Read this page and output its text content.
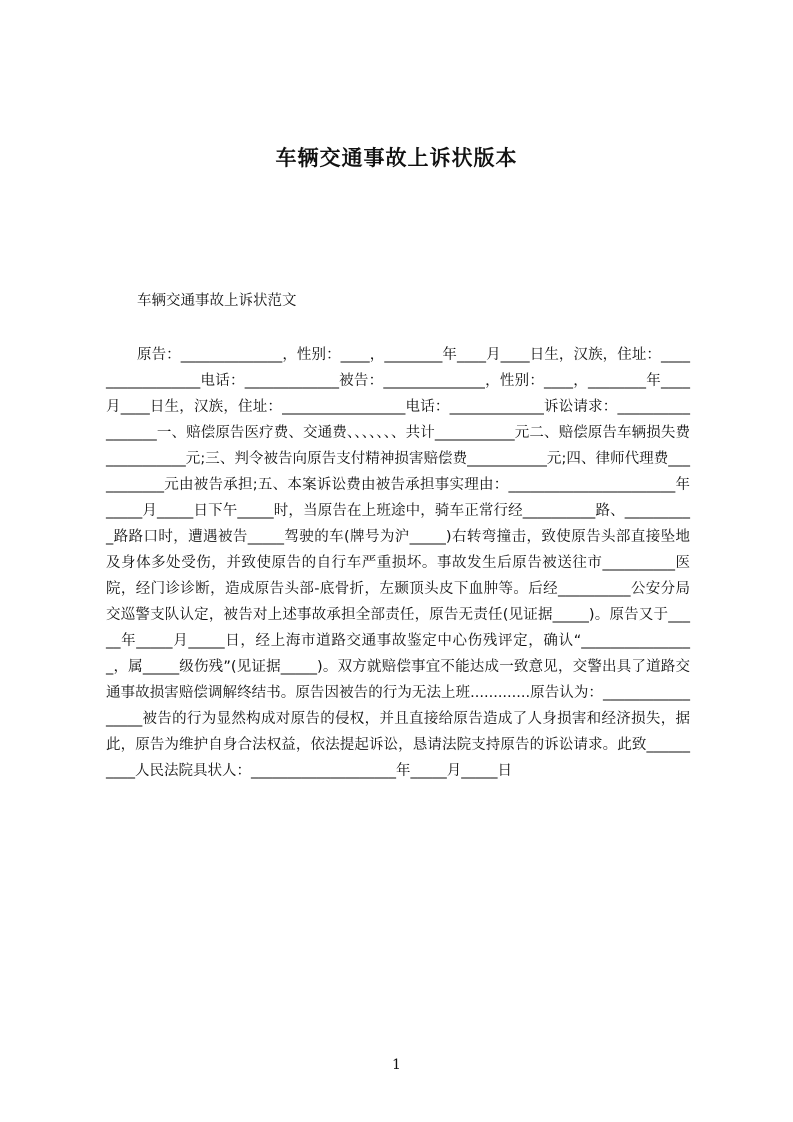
车辆交通事故上诉状版本

车辆交通事故上诉状范文

原告：______________，性别：____，________年____月____日生，汉族，住址：_________________电话：_____________被告：______________，性别：____，________年____月____日生，汉族，住址：_________________电话：_____________诉讼请求：_________________一、赔偿原告医疗费、交通费、、、、、、、共计___________元二、赔偿原告车辆损失费___________元;三、判令被告向原告支付精神损害赔偿费___________元;四、律师代理费___________元由被告承担;五、本案诉讼费由被告承担事实理由：_______________________年_____月_____日下午_____时，当原告在上班途中，骑车正常行经__________路、__________路路口时，遭遇被告_____驾驶的车(牌号为沪_____)右转弯撞击，致使原告头部直接坠地及身体多处受伤，并致使原告的自行车严重损坏。事故发生后原告被送往市__________医院，经门诊诊断，造成原告头部-底骨折，左颞顶头皮下血肿等。后经__________公安分局交巡警支队认定，被告对上述事故承担全部责任，原告无责任(见证据_____)。原告又于_____年_____月_____日，经上海市道路交通事故鉴定中心伤残评定，确认“________________，属_____级伤残”(见证据_____)。双方就赔偿事宜不能达成一致意见，交警出具了道路交通事故损害赔偿调解终结书。原告因被告的行为无法上班.............原告认为：_________________被告的行为显然构成对原告的侵权，并且直接给原告造成了人身损害和经济损失，据此，原告为维护自身合法权益，依法提起诉讼，恳请法院支持原告的诉讼请求。此致__________人民法院具状人：____________________年_____月_____日

1
